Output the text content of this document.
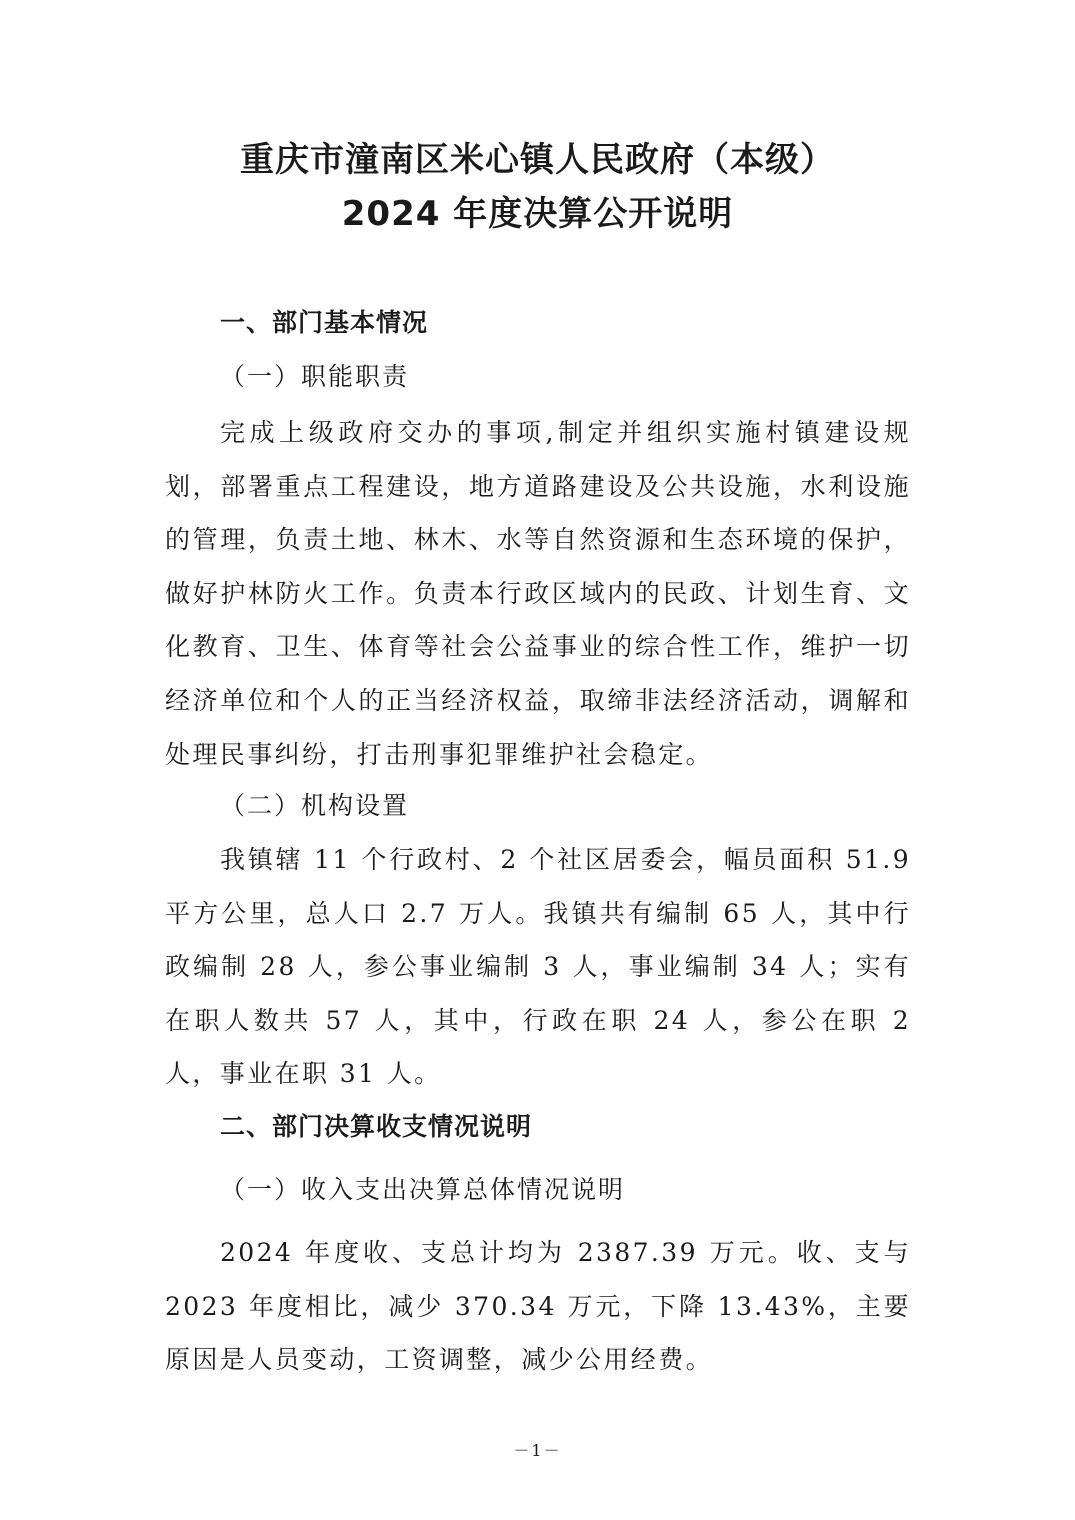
重庆市潼南区米心镇人民政府（本级）
2024 年度决算公开说明
一、部门基本情况
（一）职能职责
完成上级政府交办的事项,制定并组织实施村镇建设规划，部署重点工程建设，地方道路建设及公共设施，水利设施的管理，负责土地、林木、水等自然资源和生态环境的保护，做好护林防火工作。负责本行政区域内的民政、计划生育、文化教育、卫生、体育等社会公益事业的综合性工作，维护一切经济单位和个人的正当经济权益，取缔非法经济活动，调解和处理民事纠纷，打击刑事犯罪维护社会稳定。
（二）机构设置
我镇辖 11 个行政村、2 个社区居委会，幅员面积 51.9 平方公里，总人口 2.7 万人。我镇共有编制 65 人，其中行政编制 28 人，参公事业编制 3 人，事业编制 34 人；实有在职人数共 57 人，其中，行政在职 24 人，参公在职 2 人，事业在职 31 人。
二、部门决算收支情况说明
（一）收入支出决算总体情况说明
2024 年度收、支总计均为 2387.39 万元。收、支与 2023 年度相比，减少 370.34 万元，下降 13.43%，主要原因是人员变动，工资调整，减少公用经费。
－1－
